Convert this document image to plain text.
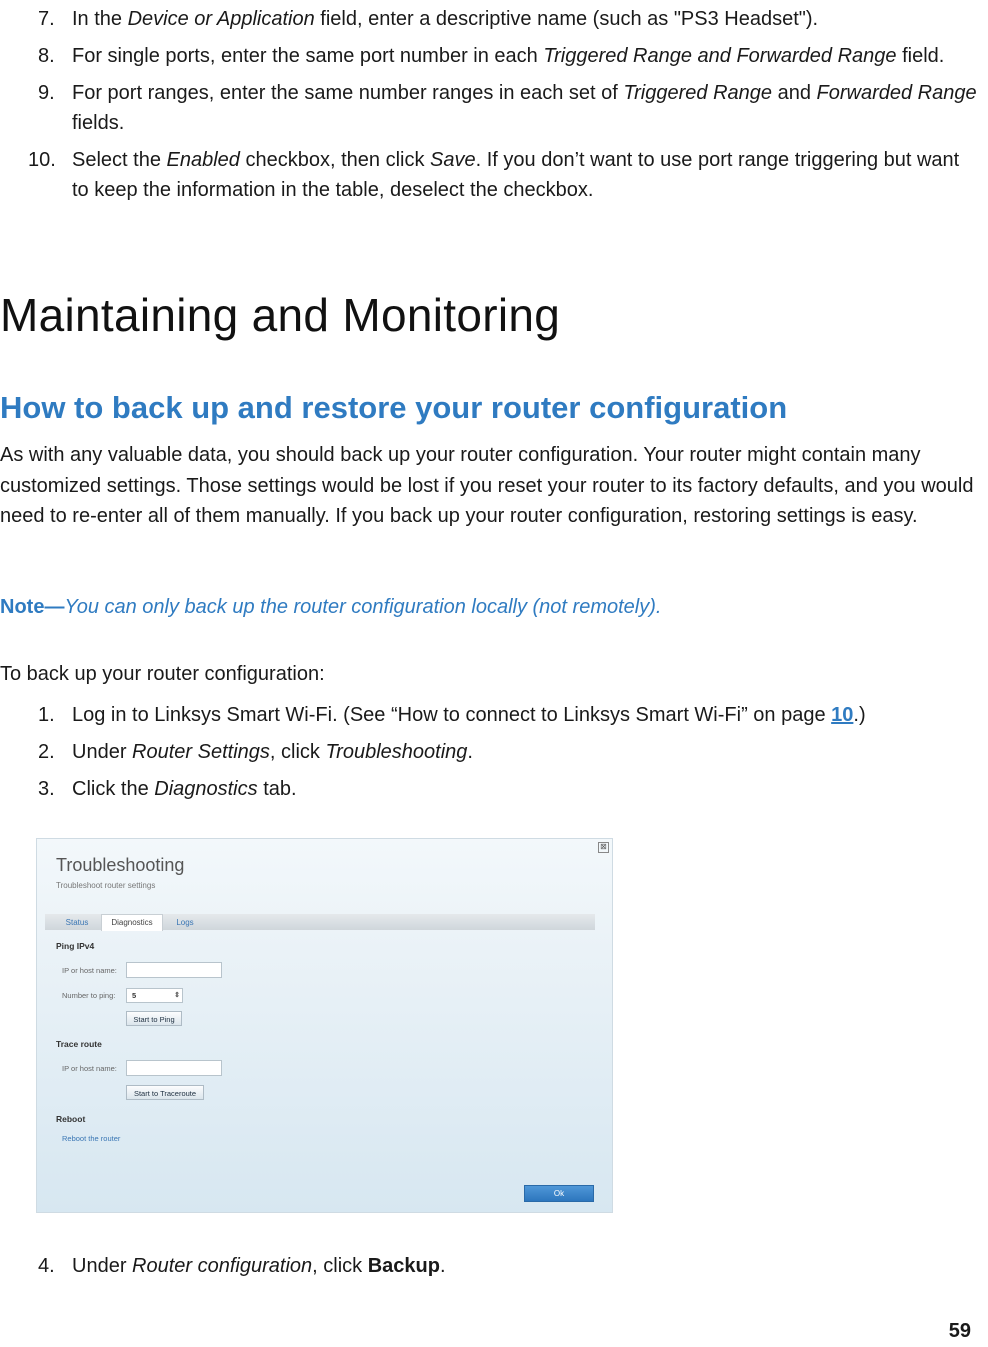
7. In the Device or Application field, enter a descriptive name (such as "PS3 Headset").
8. For single ports, enter the same port number in each Triggered Range and Forwarded Range field.
9. For port ranges, enter the same number ranges in each set of Triggered Range and Forwarded Range fields.
10. Select the Enabled checkbox, then click Save. If you don’t want to use port range triggering but want to keep the information in the table, deselect the checkbox.
Maintaining and Monitoring
How to back up and restore your router configuration

As with any valuable data, you should back up your router configuration. Your router might contain many customized settings. Those settings would be lost if you reset your router to its factory defaults, and you would need to re-enter all of them manually. If you back up your router configuration, restoring settings is easy.

Note—You can only back up the router configuration locally (not remotely).

To back up your router configuration:

1. Log in to Linksys Smart Wi-Fi. (See “How to connect to Linksys Smart Wi-Fi” on page 10.)
2. Under Router Settings, click Troubleshooting.
3. Click the Diagnostics tab.
⊠
Troubleshooting
Troubleshoot router settings
Status	Diagnostics	Logs
Ping IPv4
IP or host name:
Number to ping:	5	⇕
Start to Ping
Trace route
IP or host name:
Start to Traceroute
Reboot
Reboot the router
Ok
4. Under Router configuration, click Backup.
59
